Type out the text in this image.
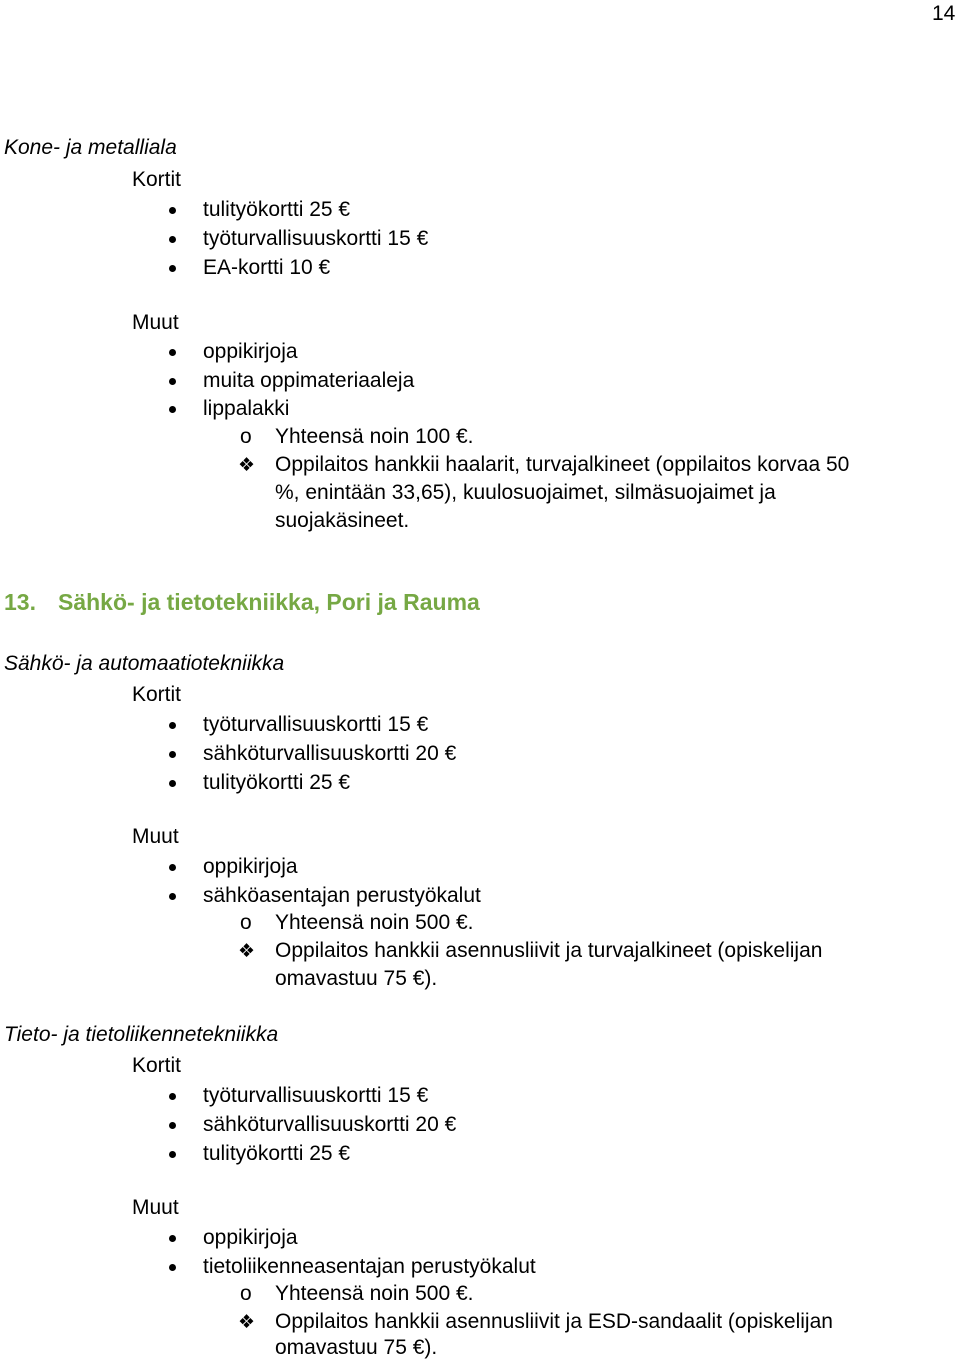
14
Kone- ja metalliala
Kortit
tulityökortti 25 €
työturvallisuuskortti 15 €
EA-kortti 10 €
Muut
oppikirjoja
muita oppimateriaaleja
lippalakki
o Yhteensä noin 100 €.
❖ Oppilaitos hankkii haalarit, turvajalkineet (oppilaitos korvaa 50
%, enintään 33,65), kuulosuojaimet, silmäsuojaimet ja
suojakäsineet.
13. Sähkö- ja tietotekniikka, Pori ja Rauma
Sähkö- ja automaatiotekniikka
Kortit
työturvallisuuskortti 15 €
sähköturvallisuuskortti 20 €
tulityökortti 25 €
Muut
oppikirjoja
sähköasentajan perustyökalut
o Yhteensä noin 500 €.
❖ Oppilaitos hankkii asennusliivit ja turvajalkineet (opiskelijan
omavastuu 75 €).
Tieto- ja tietoliikennetekniikka
Kortit
työturvallisuuskortti 15 €
sähköturvallisuuskortti 20 €
tulityökortti 25 €
Muut
oppikirjoja
tietoliikenneasentajan perustyökalut
o Yhteensä noin 500 €.
❖ Oppilaitos hankkii asennusliivit ja ESD-sandaalit (opiskelijan
omavastuu 75 €).
